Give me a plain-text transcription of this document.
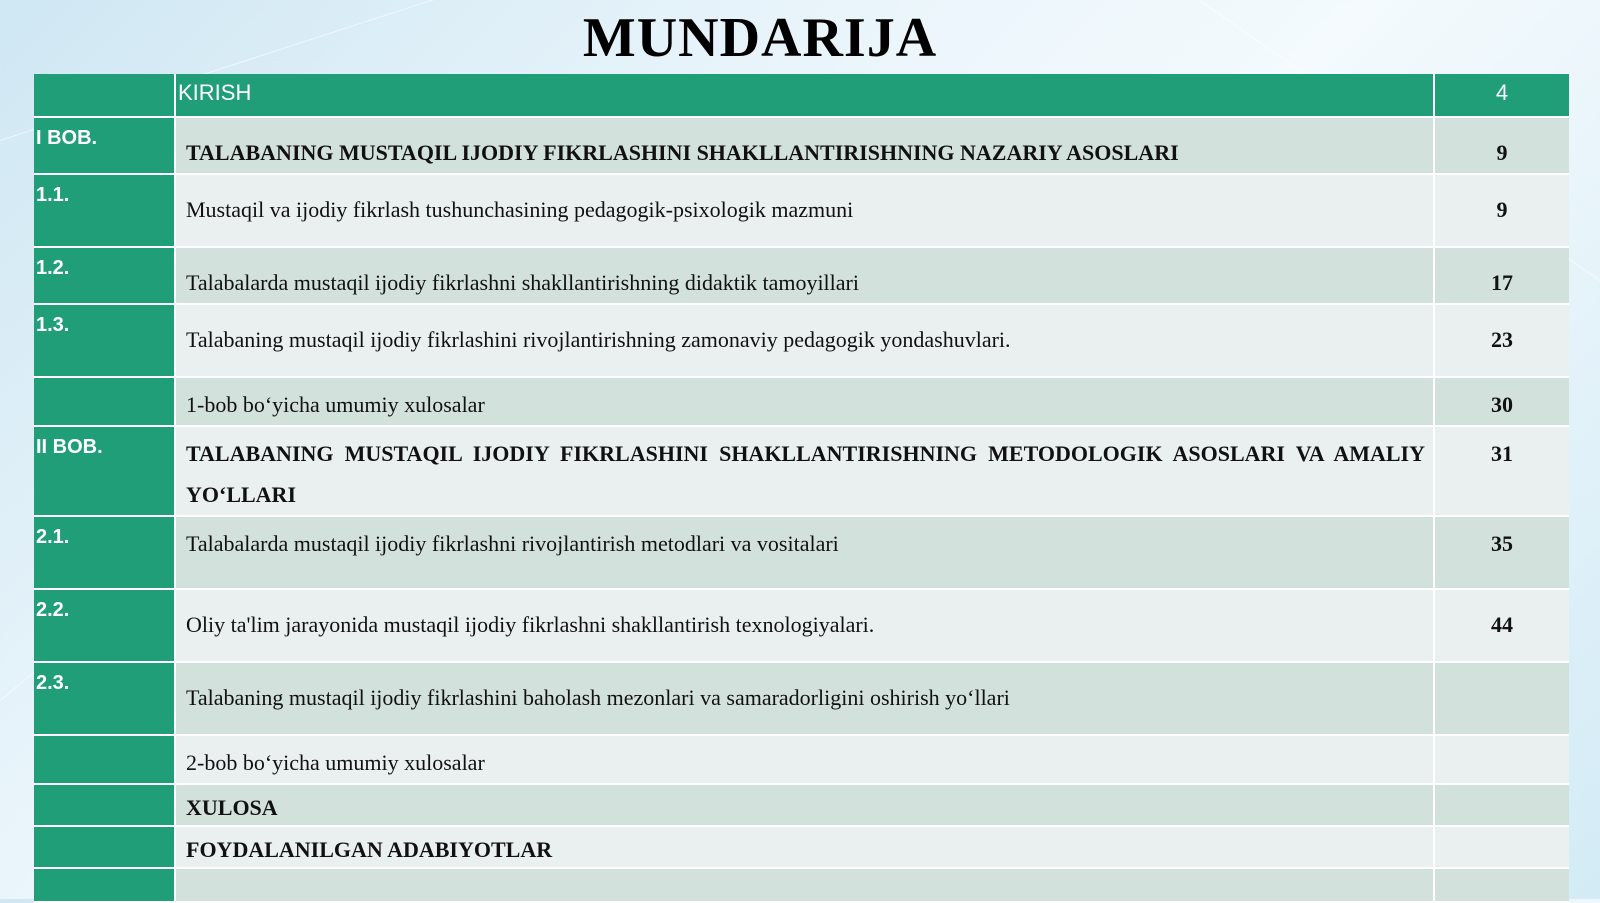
MUNDARIJA
	KIRISH	4

I BOB.	TALABANING MUSTAQIL IJODIY FIKRLASHINI SHAKLLANTIRISHNING NAZARIY ASOSLARI	9

1.1.	Mustaqil va ijodiy fikrlash tushunchasining pedagogik-psixologik mazmuni	9

1.2.	Talabalarda mustaqil ijodiy fikrlashni shakllantirishning didaktik tamoyillari	17

1.3.	Talabaning mustaqil ijodiy fikrlashini rivojlantirishning zamonaviy pedagogik yondashuvlari.	23

	1-bob bo‘yicha umumiy xulosalar	30

II BOB.	TALABANING MUSTAQIL IJODIY FIKRLASHINI SHAKLLANTIRISHNING METODOLOGIK ASOSLARI VA AMALIY YO‘LLARI	31

2.1.	Talabalarda mustaqil ijodiy fikrlashni rivojlantirish metodlari va vositalari	35

2.2.	Oliy ta'lim jarayonida mustaqil ijodiy fikrlashni shakllantirish texnologiyalari.	44

2.3.	Talabaning mustaqil ijodiy fikrlashini baholash mezonlari va samaradorligini oshirish yo‘llari	

	2-bob bo‘yicha umumiy xulosalar	

	XULOSA	

	FOYDALANILGAN ADABIYOTLAR	
